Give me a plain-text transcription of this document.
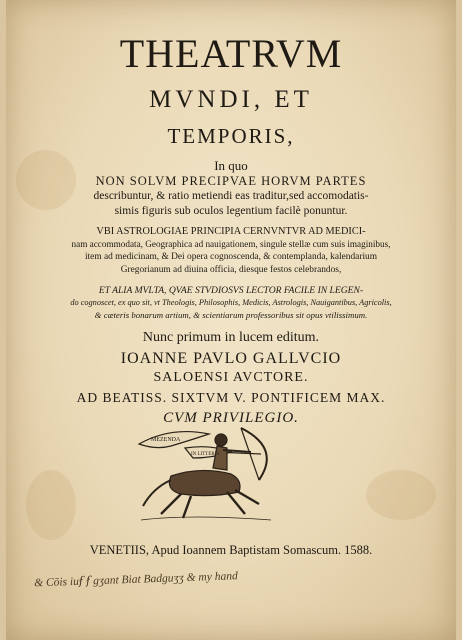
THEATRVM
MVNDI, ET
TEMPORIS,
In quo
NON SOLVM PRECIPVAE HORVM PARTES
describuntur, & ratio metiendi eas traditur,sed accomodatis-
simis figuris sub oculos legentium facilè ponuntur.
VBI ASTROLOGIAE PRINCIPIA CERNVNTVR AD MEDICI-
nam accommodata, Geographica ad nauigationem, singule stellæ cum suis imaginibus,
item ad medicinam, & Dei opera cognoscenda, & contemplanda, kalendarium
Gregorianum ad diuina officia, diesque festos celebrandos,
ET ALIA MVLTA, QVAE STVDIOSVS LECTOR FACILE IN LEGEN-
do cognoscet, ex quo sit, vt Theologis, Philosophis, Medicis, Astrologis, Nauigantibus, Agricolis,
& cæteris bonarum artium, & scientiarum professoribus sit opus vtilissimum.
Nunc primum in lucem editum.
IOANNE PAVLO GALLVCIO
SALOENSI AVCTORE.
AD BEATISS. SIXTVM V. PONTIFICEM MAX.
CVM PRIVILEGIO.
MEZENDA
IN LITTERIS
VENETIIS, Apud Ioannem Baptistam Somascum. 1588.
& Cōis iuẜ ẜ gʒant Biat Badguʒʒ & my hand
